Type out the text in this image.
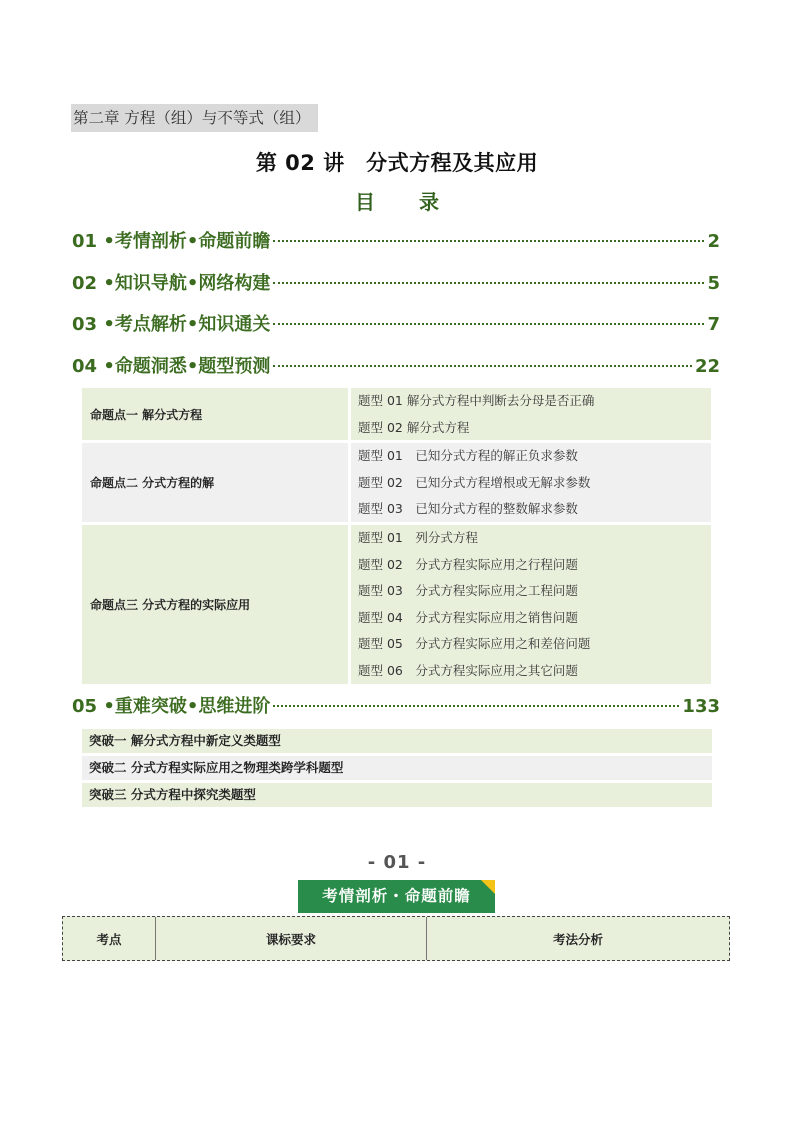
第二章 方程（组）与不等式（组）
第 02 讲　分式方程及其应用
目　录
01 •考情剖析•命题前瞻	2
02 •知识导航•网络构建	5
03 •考点解析•知识通关	7
04 •命题洞悉•题型预测	22
命题点一 解分式方程
题型 01 解分式方程中判断去分母是否正确
题型 02 解分式方程
命题点二 分式方程的解
题型 01　已知分式方程的解正负求参数
题型 02　已知分式方程增根或无解求参数
题型 03　已知分式方程的整数解求参数
命题点三 分式方程的实际应用
题型 01　列分式方程
题型 02　分式方程实际应用之行程问题
题型 03　分式方程实际应用之工程问题
题型 04　分式方程实际应用之销售问题
题型 05　分式方程实际应用之和差倍问题
题型 06　分式方程实际应用之其它问题
05 •重难突破•思维进阶	133
突破一 解分式方程中新定义类题型
突破二 分式方程实际应用之物理类跨学科题型
突破三 分式方程中探究类题型
- 01 -
考情剖析・命题前瞻
考点	课标要求	考法分析
